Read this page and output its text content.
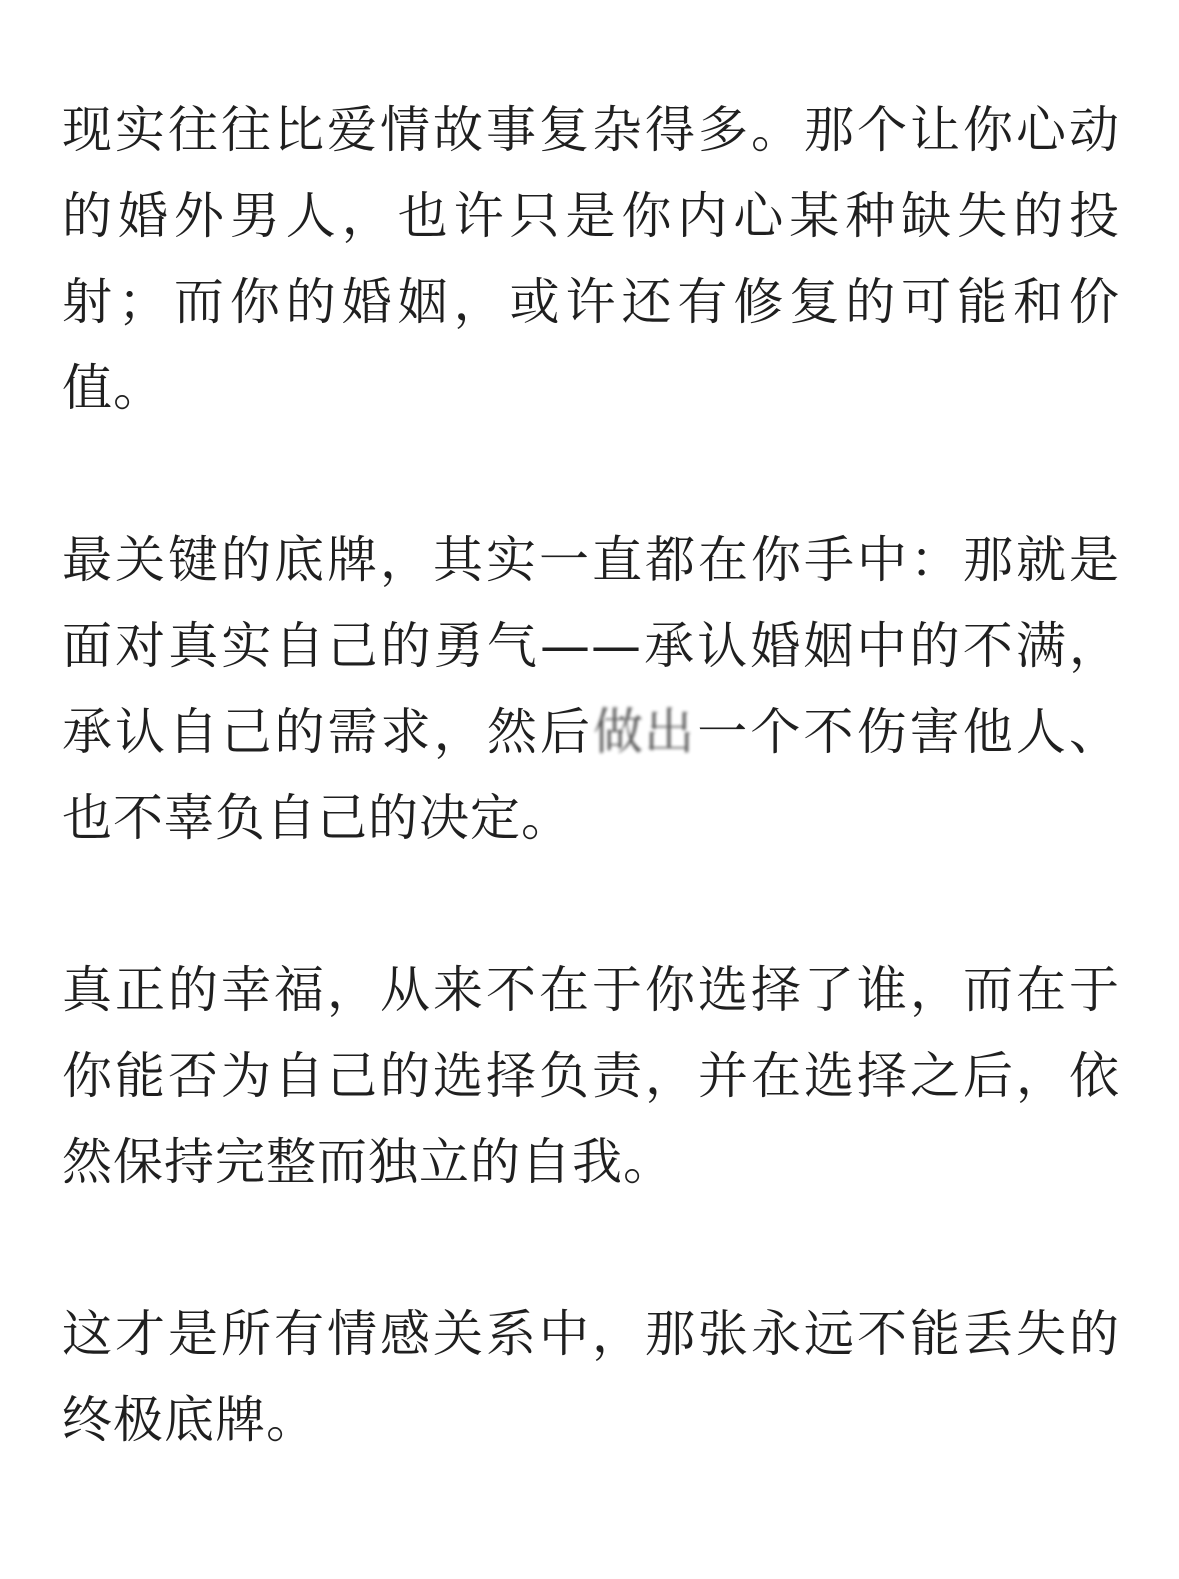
现实往往比爱情故事复杂得多。那个让你心动的婚外男人，也许只是你内心某种缺失的投射；而你的婚姻，或许还有修复的可能和价值。

最关键的底牌，其实一直都在你手中：那就是面对真实自己的勇气——承认婚姻中的不满，承认自己的需求，然后做出一个不伤害他人、也不辜负自己的决定。

真正的幸福，从来不在于你选择了谁，而在于你能否为自己的选择负责，并在选择之后，依然保持完整而独立的自我。

这才是所有情感关系中，那张永远不能丢失的终极底牌。
